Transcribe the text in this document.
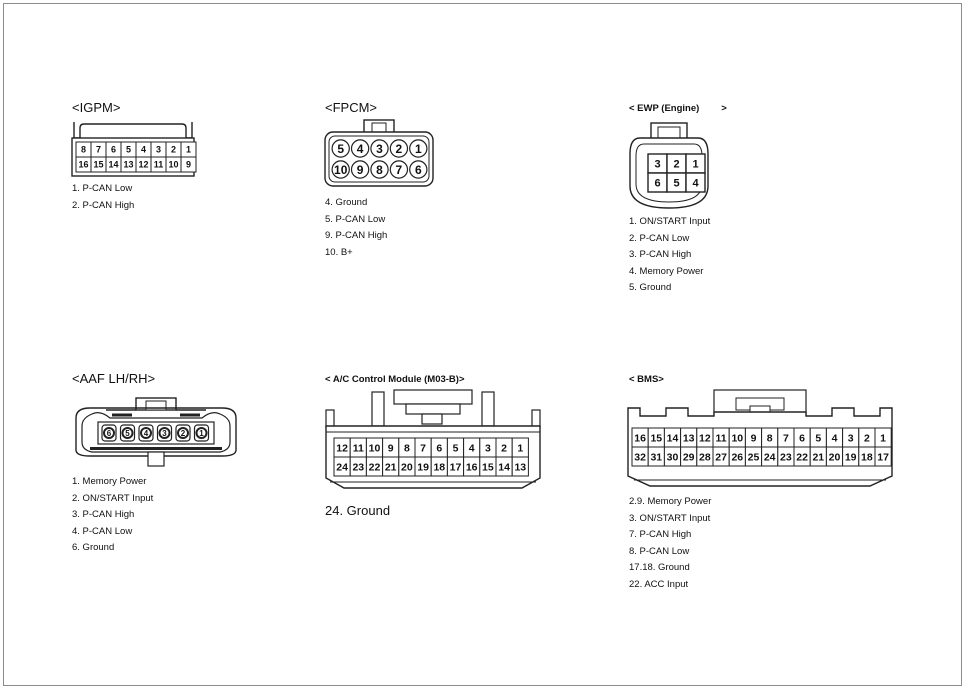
<IGPM>
8 7 6 5 4 3 2 1
16 15 14 13 12 11 10 9
1. P-CAN Low
2. P-CAN High
<FPCM>
5 4 3 2 1
10 9 8 7 6
4. Ground
5. P-CAN Low
9. P-CAN High
10. B+
< EWP (Engine) >
3 2 1
6 5 4
1. ON/START Input
2. P-CAN Low
3. P-CAN High
4. Memory Power
5. Ground
<AAF LH/RH>
6 5 4 3 2 1
1. Memory Power
2. ON/START Input
3. P-CAN High
4. P-CAN Low
6. Ground
< A/C Control Module (M03-B)>
12 11 10 9 8 7 6 5 4 3 2 1
24 23 22 21 20 19 18 17 16 15 14 13
24. Ground
< BMS>
16 15 14 13 12 11 10 9 8 7 6 5 4 3 2 1
32 31 30 29 28 27 26 25 24 23 22 21 20 19 18 17
2.9. Memory Power
3. ON/START Input
7. P-CAN High
8. P-CAN Low
17.18. Ground
22. ACC Input
